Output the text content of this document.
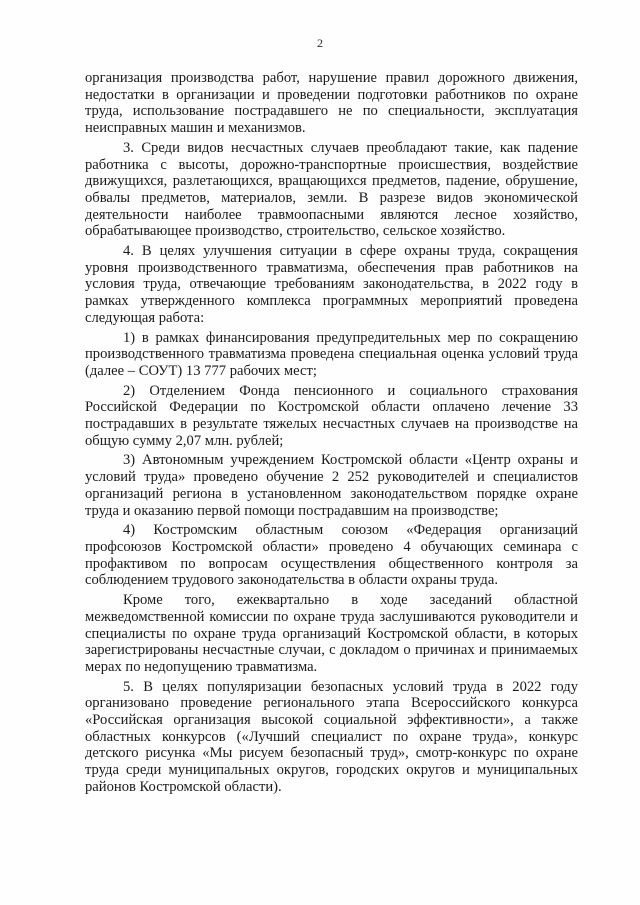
2

организация производства работ, нарушение правил дорожного движения, недостатки в организации и проведении подготовки работников по охране труда, использование пострадавшего не по специальности, эксплуатация неисправных машин и механизмов.

3. Среди видов несчастных случаев преобладают такие, как падение работника с высоты, дорожно-транспортные происшествия, воздействие движущихся, разлетающихся, вращающихся предметов, падение, обрушение, обвалы предметов, материалов, земли. В разрезе видов экономической деятельности наиболее травмоопасными являются лесное хозяйство, обрабатывающее производство, строительство, сельское хозяйство.

4. В целях улучшения ситуации в сфере охраны труда, сокращения уровня производственного травматизма, обеспечения прав работников на условия труда, отвечающие требованиям законодательства, в 2022 году в рамках утвержденного комплекса программных мероприятий проведена следующая работа:

1) в рамках финансирования предупредительных мер по сокращению производственного травматизма проведена специальная оценка условий труда (далее – СОУТ) 13 777 рабочих мест;

2) Отделением Фонда пенсионного и социального страхования Российской Федерации по Костромской области оплачено лечение 33 пострадавших в результате тяжелых несчастных случаев на производстве на общую сумму 2,07 млн. рублей;

3) Автономным учреждением Костромской области «Центр охраны и условий труда» проведено обучение 2 252 руководителей и специалистов организаций региона в установленном законодательством порядке охране труда и оказанию первой помощи пострадавшим на производстве;

4) Костромским областным союзом «Федерация организаций профсоюзов Костромской области» проведено 4 обучающих семинара с профактивом по вопросам осуществления общественного контроля за соблюдением трудового законодательства в области охраны труда.

Кроме того, ежеквартально в ходе заседаний областной межведомственной комиссии по охране труда заслушиваются руководители и специалисты по охране труда организаций Костромской области, в которых зарегистрированы несчастные случаи, с докладом о причинах и принимаемых мерах по недопущению травматизма.

5. В целях популяризации безопасных условий труда в 2022 году организовано проведение регионального этапа Всероссийского конкурса «Российская организация высокой социальной эффективности», а также областных конкурсов («Лучший специалист по охране труда», конкурс детского рисунка «Мы рисуем безопасный труд», смотр-конкурс по охране труда среди муниципальных округов, городских округов и муниципальных районов Костромской области).
